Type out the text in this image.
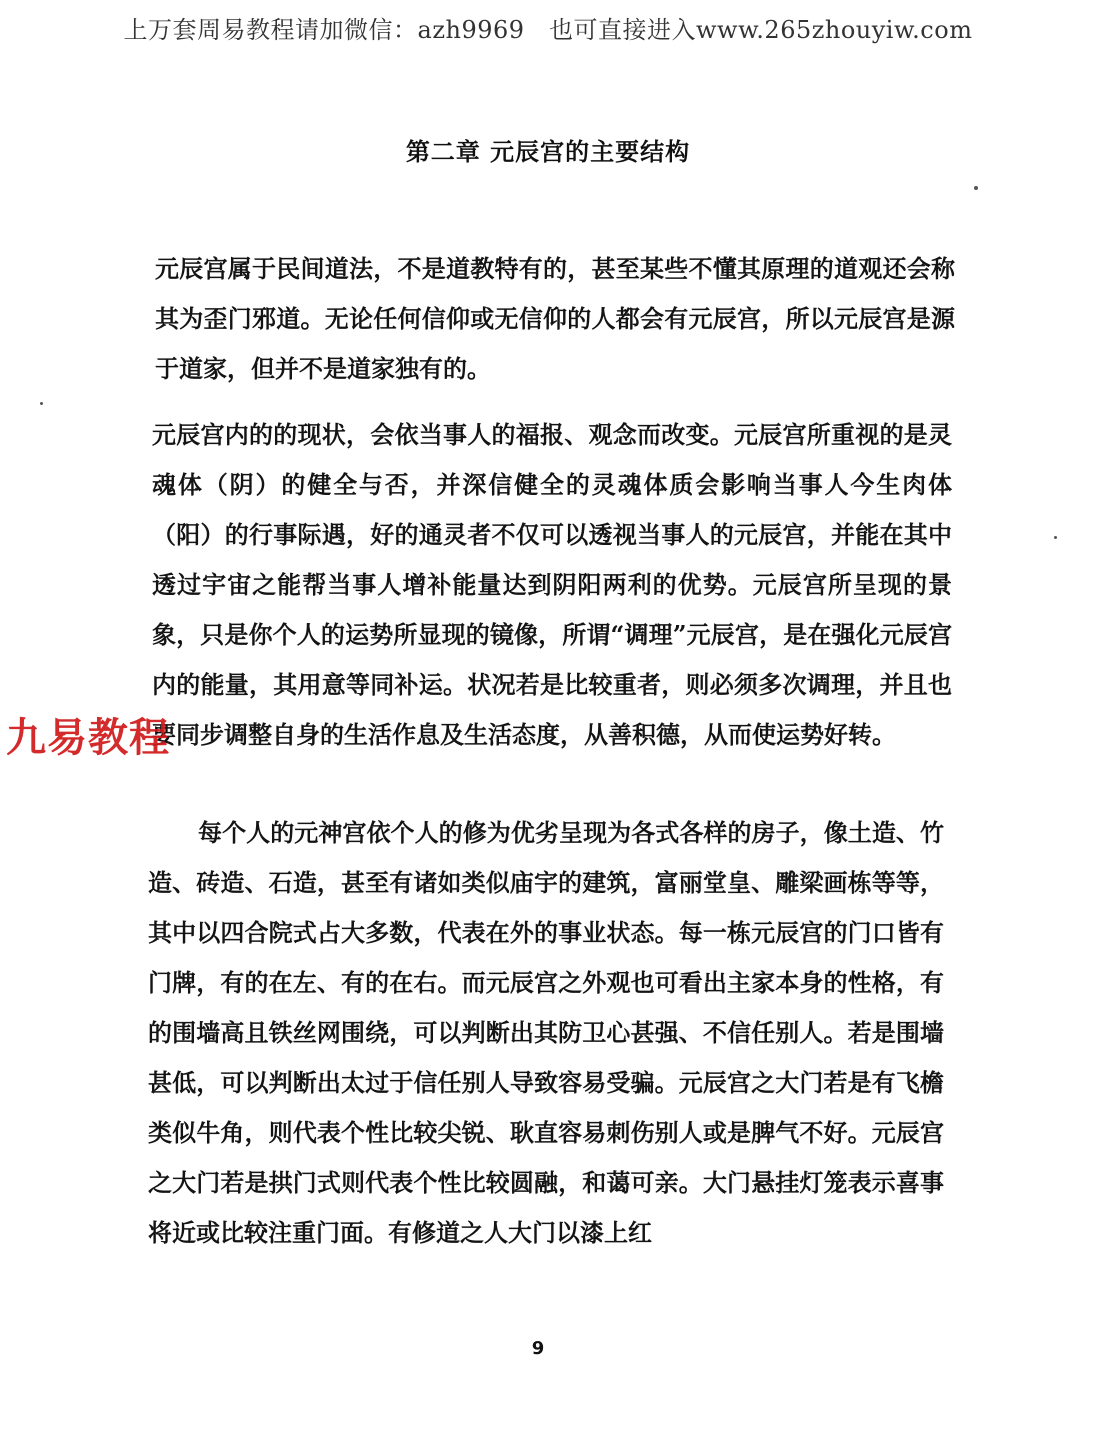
上万套周易教程请加微信：azh9969　也可直接进入www.265zhouyiw.com
第二章 元辰宫的主要结构

元辰宫属于民间道法，不是道教特有的，甚至某些不懂其原理的道观还会称其为歪门邪道。无论任何信仰或无信仰的人都会有元辰宫，所以元辰宫是源于道家，但并不是道家独有的。

元辰宫内的的现状，会依当事人的福报、观念而改变。元辰宫所重视的是灵魂体（阴）的健全与否，并深信健全的灵魂体质会影响当事人今生肉体（阳）的行事际遇，好的通灵者不仅可以透视当事人的元辰宫，并能在其中透过宇宙之能帮当事人增补能量达到阴阳两利的优势。元辰宫所呈现的景象，只是你个人的运势所显现的镜像，所谓“调理”元辰宫，是在强化元辰宫内的能量，其用意等同补运。状况若是比较重者，则必须多次调理，并且也要同步调整自身的生活作息及生活态度，从善积德，从而使运势好转。

每个人的元神宫依个人的修为优劣呈现为各式各样的房子，像土造、竹造、砖造、石造，甚至有诸如类似庙宇的建筑，富丽堂皇、雕梁画栋等等，其中以四合院式占大多数，代表在外的事业状态。每一栋元辰宫的门口皆有门牌，有的在左、有的在右。而元辰宫之外观也可看出主家本身的性格，有的围墙高且铁丝网围绕，可以判断出其防卫心甚强、不信任别人。若是围墙甚低，可以判断出太过于信任别人导致容易受骗。元辰宫之大门若是有飞檐类似牛角，则代表个性比较尖锐、耿直容易刺伤别人或是脾气不好。元辰宫之大门若是拱门式则代表个性比较圆融，和蔼可亲。大门悬挂灯笼表示喜事将近或比较注重门面。有修道之人大门以漆上红

九易教程
9
